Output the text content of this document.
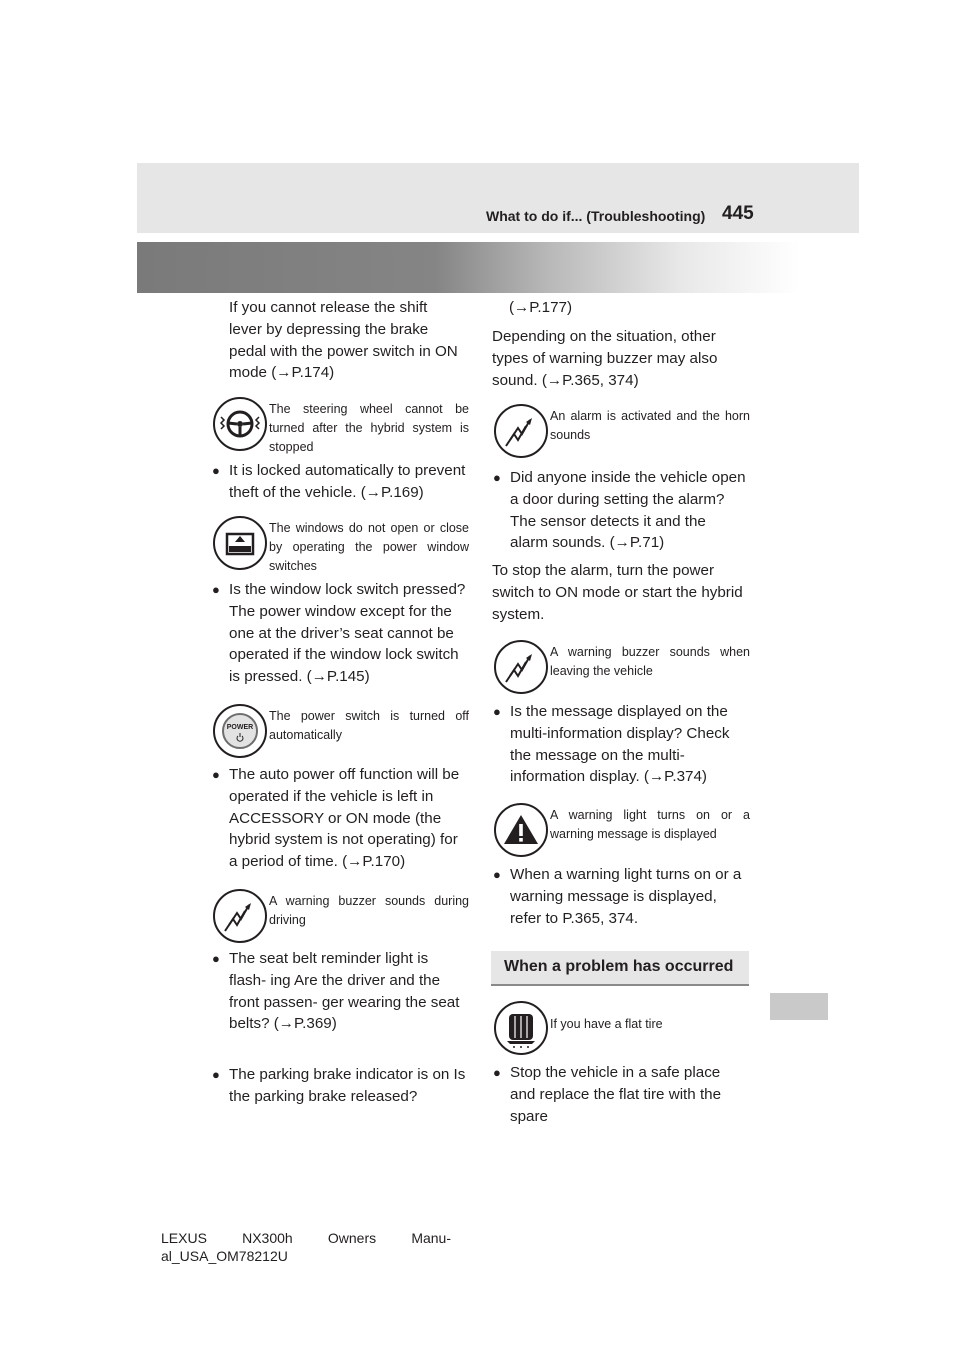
What to do if... (Troubleshooting) 445
If you cannot release the shift lever by depressing the brake pedal with the power switch in ON mode (→P.174)
The steering wheel cannot be turned after the hybrid system is stopped
● It is locked automatically to prevent theft of the vehicle. (→P.169)
The windows do not open or close by operating the power window switches
● Is the window lock switch pressed? The power window except for the one at the driver’s seat cannot be operated if the window lock switch is pressed. (→P.145)
POWER
The power switch is turned off automatically
● The auto power off function will be operated if the vehicle is left in ACCESSORY or ON mode (the hybrid system is not operating) for a period of time. (→P.170)
A warning buzzer sounds during driving
● The seat belt reminder light is flash- ing Are the driver and the front passen- ger wearing the seat belts? (→P.369)
● The parking brake indicator is on Is the parking brake released?
(→P.177)
Depending on the situation, other types of warning buzzer may also sound. (→P.365, 374)
An alarm is activated and the horn sounds
● Did anyone inside the vehicle open a door during setting the alarm? The sensor detects it and the alarm sounds. (→P.71)
To stop the alarm, turn the power switch to ON mode or start the hybrid system.
A warning buzzer sounds when leaving the vehicle
● Is the message displayed on the multi-information display? Check the message on the multi- information display. (→P.374)
A warning light turns on or a warning message is displayed
● When a warning light turns on or a warning message is displayed, refer to P.365, 374.
When a problem has occurred
If you have a flat tire
● Stop the vehicle in a safe place and replace the flat tire with the spare
LEXUS NX300h Owners Manu-
al_USA_OM78212U
